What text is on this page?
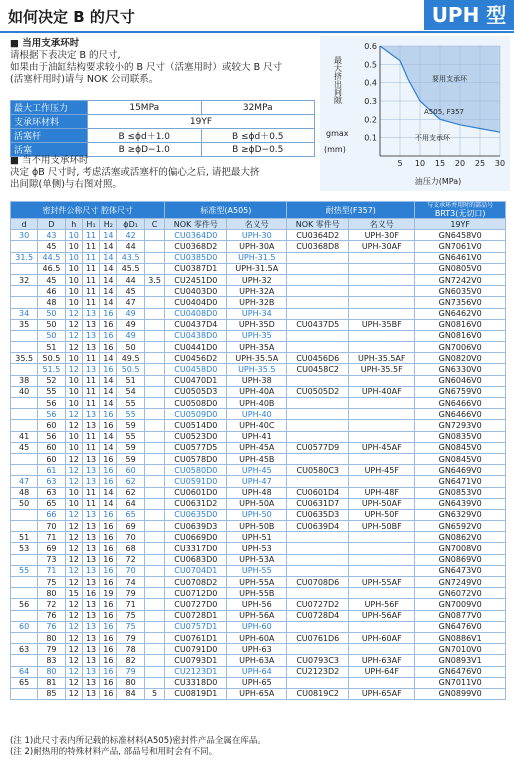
如何决定 B 的尺寸	UPH 型
■ 当用支承环时
请根据下表决定 B 的尺寸,
如果由于油缸结构要求较小的 B 尺寸（活塞用时）或较大 B 尺寸
(活塞杆用时)请与 NOK 公司联系。
最大工作压力	15MPa	32MPa
支承环材料	19YF	
活塞杆	B ≤ϕd＋1.0	B ≤ϕd＋0.5
活塞	B ≥ϕD−1.0	B ≥ϕD−0.5
■ 当不用支承环时
决定 ϕB 尺寸时, 考虑活塞或活塞杆的偏心之后, 请把最大挤
出间隙(单侧)与右图对照。
5 10 15 20 25 30
0.1
0.2
0.3
0.4
0.5
0.6
要用支承环
A505, F357
不用支承环
油压力(MPa)
gmax
(mm)
最大挤出间隙
密封件公称尺寸 腔体尺寸							标准型(A505)		耐热型(F357)		与支承环并用时的部品号
BRT3(无切口)

d	D	h	H₁	H₂	ϕD₁	C	NOK 零件号	名义号	NOK 零件号	名义号	19YF
30	43	10	11	14	42		CU0364D0	UPH-30	CU0364D2	UPH-30F	GN6458V0
	45	10	11	14	44		CU0368D2	UPH-30A	CU0368D8	UPH-30AF	GN7061V0
31.5	44.5	10	11	14	43.5		CU0385D0	UPH-31.5			GN6461V0
	46.5	10	11	14	45.5		CU0387D1	UPH-31.5A			GN0805V0
32	45	10	11	14	44	3.5	CU2451D0	UPH-32			GN7242V0
	46	10	11	14	45		CU0403D0	UPH-32A			GN6035V0
	48	10	11	14	47		CU0404D0	UPH-32B			GN7356V0
34	50	12	13	16	49		CU0408D0	UPH-34			GN6462V0
35	50	12	13	16	49		CU0437D4	UPH-35D	CU0437D5	UPH-35BF	GN0816V0
	50	12	13	16	49		CU0438D0	UPH-35			GN0816V0
	51	12	13	16	50		CU0441D0	UPH-35A			GN7006V0
35.5	50.5	10	11	14	49.5		CU0456D2	UPH-35.5A	CU0456D6	UPH-35.5AF	GN0820V0
	51.5	12	13	16	50.5		CU0458D0	UPH-35.5	CU0458C2	UPH-35.5F	GN6330V0
38	52	10	11	14	51		CU0470D1	UPH-38			GN6046V0
40	55	10	11	14	54		CU0505D3	UPH-40A	CU0505D2	UPH-40AF	GN6759V0
	56	10	11	14	55		CU0508D0	UPH-40B			GN6466V0
	56	12	13	16	55		CU0509D0	UPH-40			GN6466V0
	60	12	13	16	59		CU0514D0	UPH-40C			GN7293V0
41	56	10	11	14	55		CU0523D0	UPH-41			GN0835V0
45	60	10	11	14	59		CU0577D5	UPH-45A	CU0577D9	UPH-45AF	GN0845V0
	60	12	13	16	59		CU0578D0	UPH-45B			GN0845V0
	61	12	13	16	60		CU0580D0	UPH-45	CU0580C3	UPH-45F	GN6469V0
47	63	12	13	16	62		CU0591D0	UPH-47			GN6471V0
48	63	10	11	14	62		CU0601D0	UPH-48	CU0601D4	UPH-48F	GN0853V0
50	65	10	11	14	64		CU0631D2	UPH-50A	CU0631D7	UPH-50AF	GN6439V0
	66	12	13	16	65		CU0635D0	UPH-50	CU0635D3	UPH-50F	GN6329V0
	70	12	13	16	69		CU0639D3	UPH-50B	CU0639D4	UPH-50BF	GN6592V0
51	71	12	13	16	70		CU0669D0	UPH-51			GN0862V0
53	69	12	13	16	68		CU3317D0	UPH-53			GN7008V0
	73	12	13	16	72		CU0683D0	UPH-53A			GN0869V0
55	71	12	13	16	70		CU0704D1	UPH-55			GN6473V0
	75	12	13	16	74		CU0708D2	UPH-55A	CU0708D6	UPH-55AF	GN7249V0
	80	15	16	19	79		CU0712D0	UPH-55B			GN6072V0
56	72	12	13	16	71		CU0727D0	UPH-56	CU0727D2	UPH-56F	GN7009V0
	76	12	13	16	75		CU0728D1	UPH-56A	CU0728D4	UPH-56AF	GN0877V0
60	76	12	13	16	75		CU0757D1	UPH-60			GN6476V0
	80	12	13	16	79		CU0761D1	UPH-60A	CU0761D6	UPH-60AF	GN0886V1
63	79	12	13	16	78		CU0791D0	UPH-63			GN7010V0
	83	12	13	16	82		CU0793D1	UPH-63A	CU0793C3	UPH-63AF	GN0893V1
64	80	12	13	16	79		CU2123D1	UPH-64	CU2123D2	UPH-64F	GN6476V0
65	81	12	13	16	80		CU3318D0	UPH-65			GN7011V0
	85	12	13	16	84	5	CU0819D1	UPH-65A	CU0819C2	UPH-65AF	GN0899V0
(注 1)此尺寸表内所记载的标准材料(A505)密封件产品全属在库品。
(注 2)耐热用的特殊材料产品, 部品号和用时会有不同。
